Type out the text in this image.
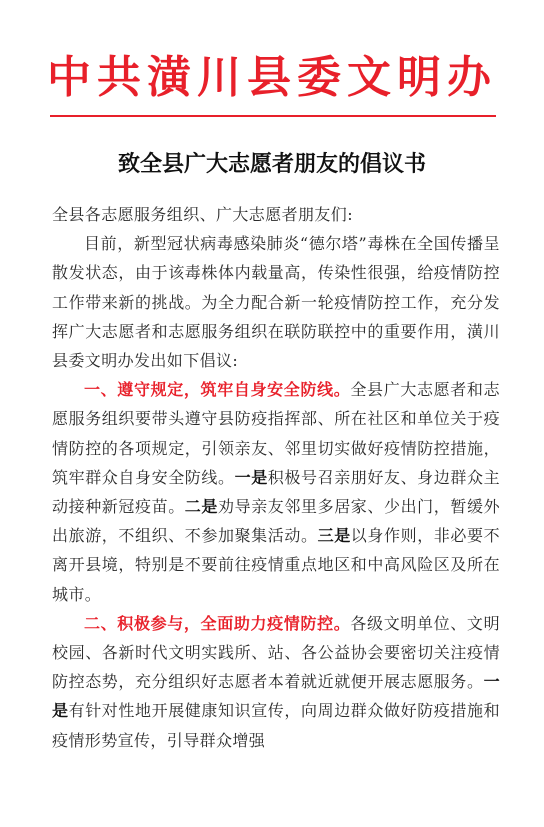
中共潢川县委文明办
致全县广大志愿者朋友的倡议书

全县各志愿服务组织、广大志愿者朋友们:

目前，新型冠状病毒感染肺炎“德尔塔”毒株在全国传播呈散发状态，由于该毒株体内载量高，传染性很强，给疫情防控工作带来新的挑战。为全力配合新一轮疫情防控工作，充分发挥广大志愿者和志愿服务组织在联防联控中的重要作用，潢川县委文明办发出如下倡议:

一、遵守规定，筑牢自身安全防线。全县广大志愿者和志愿服务组织要带头遵守县防疫指挥部、所在社区和单位关于疫情防控的各项规定，引领亲友、邻里切实做好疫情防控措施，筑牢群众自身安全防线。一是积极号召亲朋好友、身边群众主动接种新冠疫苗。二是劝导亲友邻里多居家、少出门，暂缓外出旅游，不组织、不参加聚集活动。三是以身作则，非必要不离开县境，特别是不要前往疫情重点地区和中高风险区及所在城市。

二、积极参与，全面助力疫情防控。各级文明单位、文明校园、各新时代文明实践所、站、各公益协会要密切关注疫情防控态势，充分组织好志愿者本着就近就便开展志愿服务。一是有针对性地开展健康知识宣传，向周边群众做好防疫措施和疫情形势宣传，引导群众增强
